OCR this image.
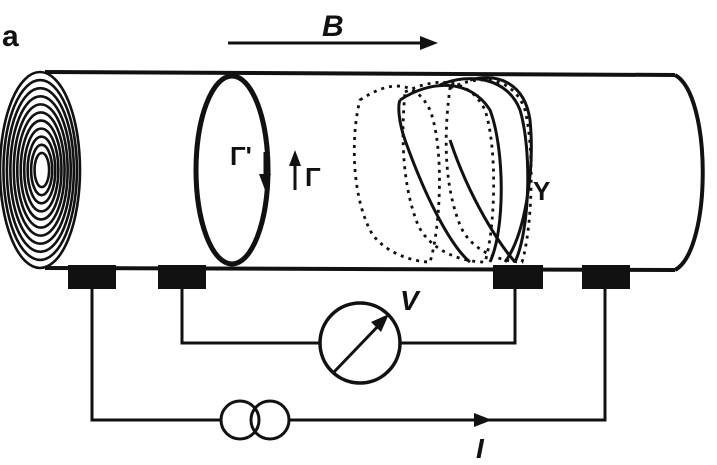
a	B
Γ'
Γ	Y
V
I
